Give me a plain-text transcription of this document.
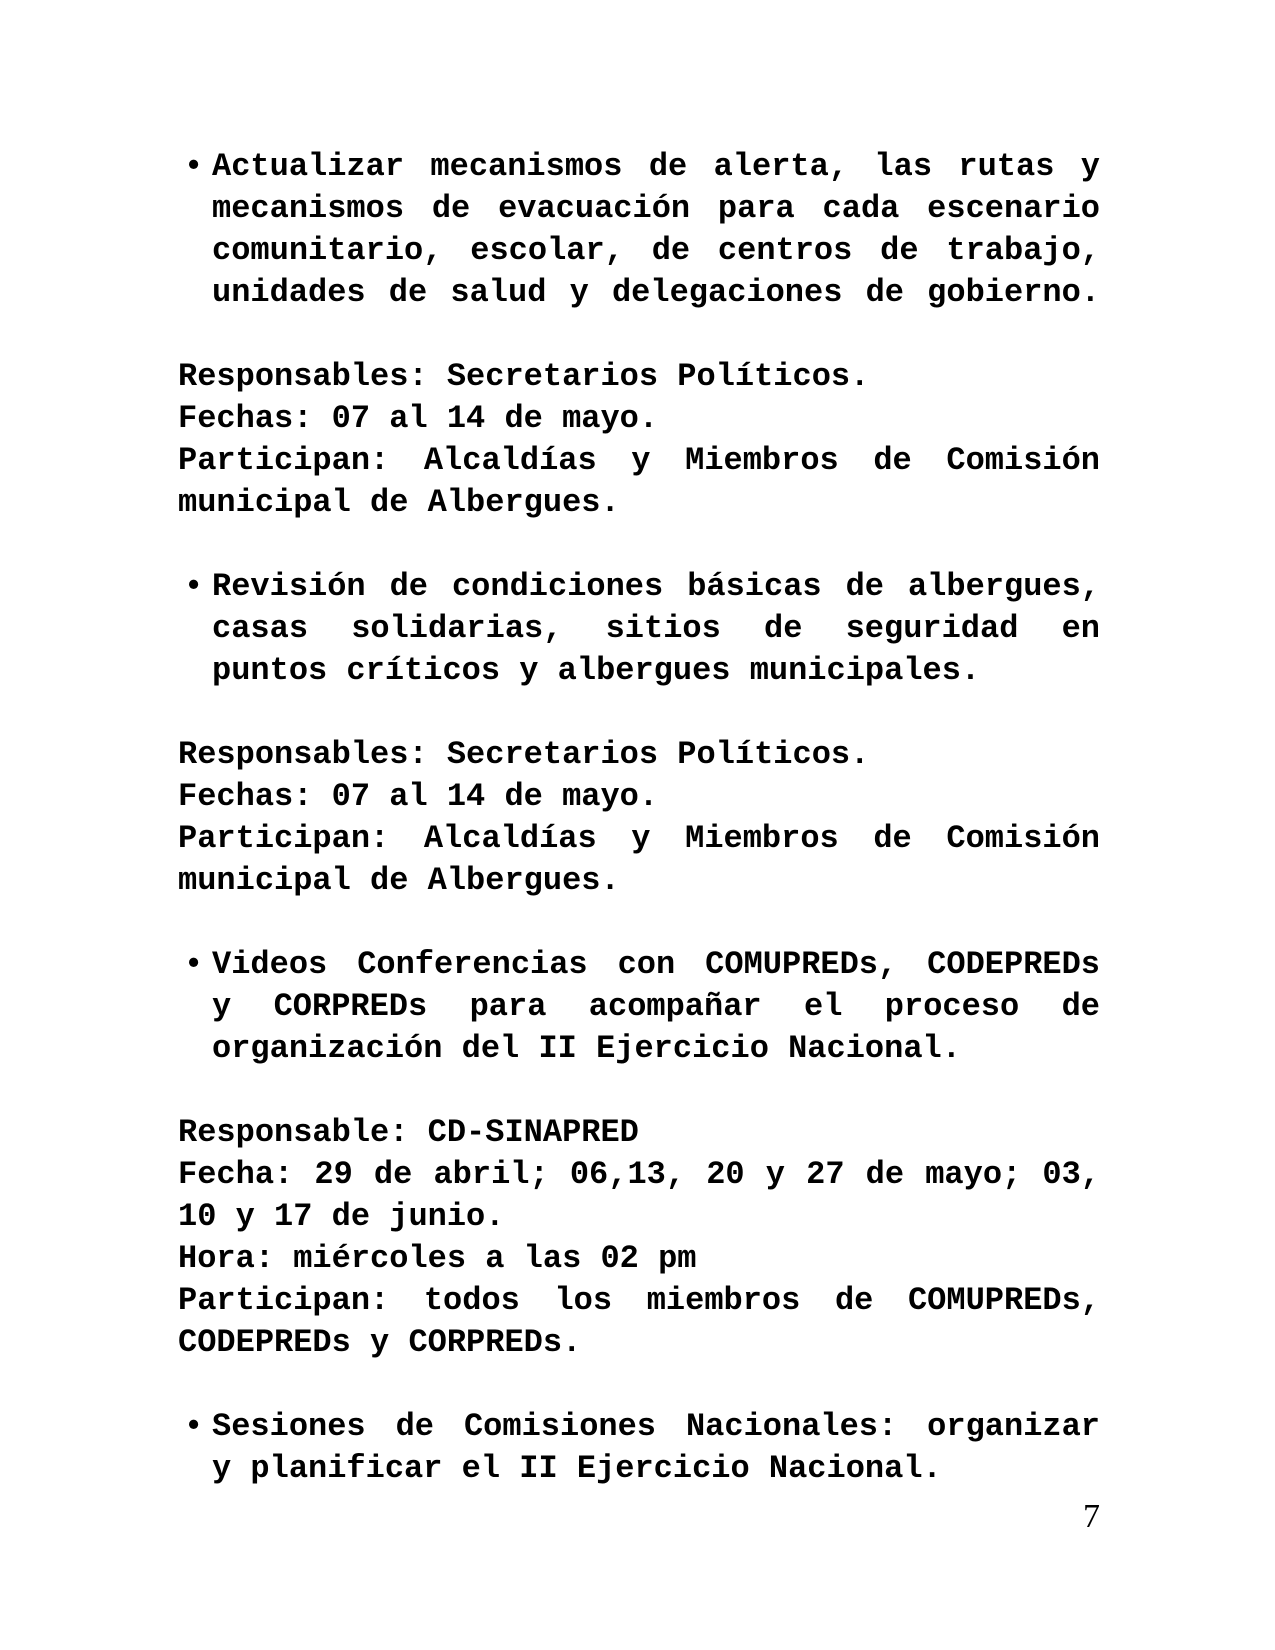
• Actualizar mecanismos de alerta, las rutas y
mecanismos de evacuación para cada escenario
comunitario, escolar, de centros de trabajo,
unidades de salud y delegaciones de gobierno.
Responsables: Secretarios Políticos.
Fechas: 07 al 14 de mayo.
Participan: Alcaldías y Miembros de Comisión
municipal de Albergues.
• Revisión de condiciones básicas de albergues,
casas solidarias, sitios de seguridad en
puntos críticos y albergues municipales.
Responsables: Secretarios Políticos.
Fechas: 07 al 14 de mayo.
Participan: Alcaldías y Miembros de Comisión
municipal de Albergues.
• Videos Conferencias con COMUPREDs, CODEPREDs
y CORPREDs para acompañar el proceso de
organización del II Ejercicio Nacional.
Responsable: CD-SINAPRED
Fecha: 29 de abril; 06,13, 20 y 27 de mayo; 03,
10 y 17 de junio.
Hora: miércoles a las 02 pm
Participan: todos los miembros de COMUPREDs,
CODEPREDs y CORPREDs.
• Sesiones de Comisiones Nacionales: organizar
y planificar el II Ejercicio Nacional.
7
